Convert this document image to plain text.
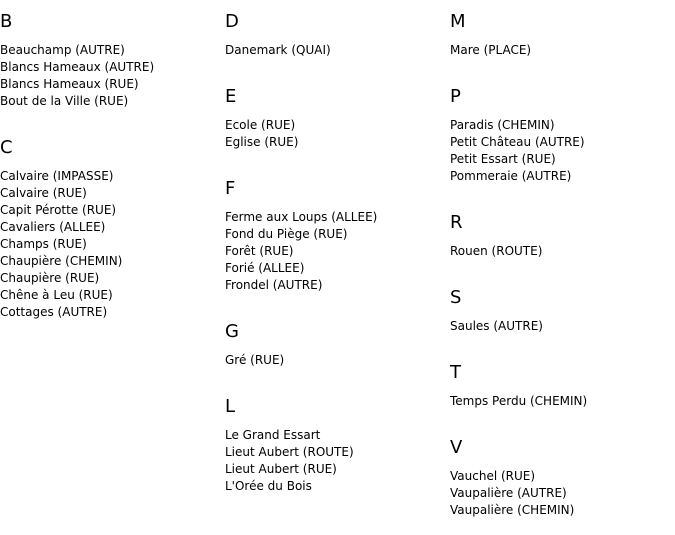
B
Beauchamp (AUTRE)
Blancs Hameaux (AUTRE)
Blancs Hameaux (RUE)
Bout de la Ville (RUE)
C
Calvaire (IMPASSE)
Calvaire (RUE)
Capit Pérotte (RUE)
Cavaliers (ALLEE)
Champs (RUE)
Chaupière (CHEMIN)
Chaupière (RUE)
Chêne à Leu (RUE)
Cottages (AUTRE)
D
Danemark (QUAI)
E
Ecole (RUE)
Eglise (RUE)
F
Ferme aux Loups (ALLEE)
Fond du Piège (RUE)
Forêt (RUE)
Forié (ALLEE)
Frondel (AUTRE)
G
Gré (RUE)
L
Le Grand Essart
Lieut Aubert (ROUTE)
Lieut Aubert (RUE)
L'Orée du Bois
M
Mare (PLACE)
P
Paradis (CHEMIN)
Petit Château (AUTRE)
Petit Essart (RUE)
Pommeraie (AUTRE)
R
Rouen (ROUTE)
S
Saules (AUTRE)
T
Temps Perdu (CHEMIN)
V
Vauchel (RUE)
Vaupalière (AUTRE)
Vaupalière (CHEMIN)
